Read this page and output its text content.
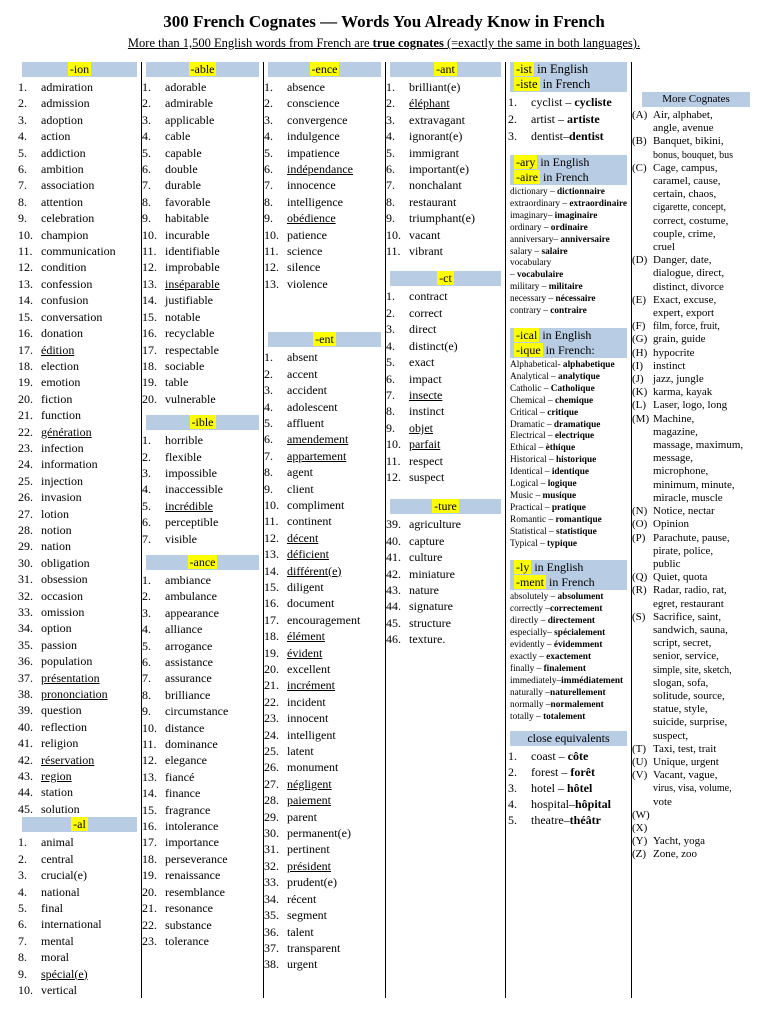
300 French Cognates — Words You Already Know in French
More than 1,500 English words from French are true cognates (=exactly the same in both languages).
-ion
1.	admiration
2.	admission
3.	adoption
4.	action
5.	addiction
6.	ambition
7.	association
8.	attention
9.	celebration
10. champion
11. communication
12. condition
13. confession
14. confusion
15. conversation
16. donation
17. édition
18. election
19. emotion
20. fiction
21. function
22. génération
23. infection
24. information
25. injection
26. invasion
27. lotion
28. notion
29. nation
30. obligation
31. obsession
32. occasion
33. omission
34. option
35. passion
36. population
37. présentation
38. prononciation
39. question
40. reflection
41. religion
42. réservation
43. region
44. station
45. solution
-al
1.	animal
2.	central
3.	crucial(e)
4.	national
5.	final
6.	international
7.	mental
8.	moral
9.	spécial(e)
10. vertical
-able
1.	adorable
2.	admirable
3.	applicable
4.	cable
5.	capable
6.	double
7.	durable
8.	favorable
9.	habitable
10. incurable
11. identifiable
12. improbable
13. inséparable
14. justifiable
15. notable
16. recyclable
17. respectable
18. sociable
19. table
20. vulnerable
-ible
1.	horrible
2.	flexible
3.	impossible
4.	inaccessible
5.	incrédible
6.	perceptible
7.	visible
-ance
1.	ambiance
2.	ambulance
3.	appearance
4.	alliance
5.	arrogance
6.	assistance
7.	assurance
8.	brilliance
9.	circumstance
10. distance
11. dominance
12. elegance
13. fiancé
14. finance
15. fragrance
16. intolerance
17. importance
18. perseverance
19. renaissance
20. resemblance
21. resonance
22. substance
23. tolerance
-ence
1.	absence
2.	conscience
3.	convergence
4.	indulgence
5.	impatience
6.	indépendance
7.	innocence
8.	intelligence
9.	obédience
10. patience
11. science
12. silence
13. violence
-ent
1.	absent
2.	accent
3.	accident
4.	adolescent
5.	affluent
6.	amendement
7.	appartement
8.	agent
9.	client
10. compliment
11. continent
12. décent
13. déficient
14. différent(e)
15. diligent
16. document
17. encouragement
18. élément
19. évident
20. excellent
21. incrément
22. incident
23. innocent
24. intelligent
25. latent
26. monument
27. négligent
28. paiement
29. parent
30. permanent(e)
31. pertinent
32. président
33. prudent(e)
34. récent
35. segment
36. talent
37. transparent
38. urgent
-ant
1.	brilliant(e)
2.	éléphant
3.	extravagant
4.	ignorant(e)
5.	immigrant
6.	important(e)
7.	nonchalant
8.	restaurant
9.	triumphant(e)
10. vacant
11. vibrant
-ct
1.	contract
2.	correct
3.	direct
4.	distinct(e)
5.	exact
6.	impact
7.	insecte
8.	instinct
9.	objet
10. parfait
11. respect
12. suspect
-ture
39. agriculture
40. capture
41. culture
42. miniature
43. nature
44. signature
45. structure
46. texture.
-ist in English
-iste in French
1.	cyclist – cycliste
2.	artist – artiste
3.	dentist–dentist
-ary in English
-aire in French
dictionary – dictionnaire
extraordinary – extraordinaire
imaginary– imaginaire
ordinary – ordinaire
anniversary– anniversaire
salary – salaire
vocabulary
– vocabulaire
military – militaire
necessary – nécessaire
contrary – contraire
-ical in English
-ique in French:
Alphabetical- alphabetique
Analytical – analytique
Catholic – Catholique
Chemical – chemique
Critical – critique
Dramatic – dramatique
Electrical – electrique
Ethical – èthique
Historical – historique
Identical – identique
Logical – logique
Music – musique
Practical – pratique
Romantic – romantique
Statistical – statistique
Typical – typique
-ly in English
-ment in French
absolutely – absolument
correctly –correctement
directly – directement
especially– spécialement
evidently – évidemment
exactly – exactement
finally – finalement
immediately–immédiatement
naturally –naturellement
normally –normalement
totally – totalement
close equivalents
1.	coast – côte
2.	forest – forêt
3.	hotel – hôtel
4.	hospital–hôpital
5.	theatre–théâtr
More Cognates
(A) Air, alphabet,
angle, avenue
(B) Banquet, bikini,
bonus, bouquet, bus
(C) Cage, campus,
caramel, cause,
certain, chaos,
cigarette, concept,
correct, costume,
couple, crime,
cruel
(D) Danger, date,
dialogue, direct,
distinct, divorce
(E) Exact, excuse,
expert, export
(F) film, force, fruit,
(G) grain, guide
(H) hypocrite
(I) instinct
(J) jazz, jungle
(K) karma, kayak
(L) Laser, logo, long
(M) Machine,
magazine,
massage, maximum,
message,
microphone,
minimum, minute,
miracle, muscle
(N) Notice, nectar
(O) Opinion
(P) Parachute, pause,
pirate, police,
public
(Q) Quiet, quota
(R) Radar, radio, rat,
egret, restaurant
(S) Sacrifice, saint,
sandwich, sauna,
script, secret,
senior, service,
simple, site, sketch,
slogan, sofa,
solitude, source,
statue, style,
suicide, surprise,
suspect,
(T) Taxi, test, trait
(U) Unique, urgent
(V) Vacant, vague,
virus, visa, volume,
vote
(W)
(X)
(Y) Yacht, yoga
(Z) Zone, zoo
